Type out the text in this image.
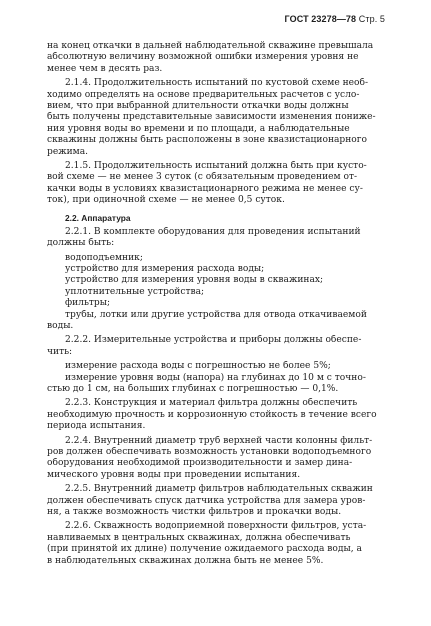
ГОСТ 23278—78 Стр. 5

на конец откачки в дальней наблюдательной скважине превышала
абсолютную величину возможной ошибки измерения уровня не
менее чем в десять раз.

2.1.4. Продолжительность испытаний по кустовой схеме необ-
ходимо определять на основе предварительных расчетов с усло-
вием, что при выбранной длительности откачки воды должны
быть получены представительные зависимости изменения пониже-
ния уровня воды во времени и по площади, а наблюдательные
скважины должны быть расположены в зоне квазистационарного
режима.

2.1.5. Продолжительность испытаний должна быть при кусто-
вой схеме — не менее 3 суток (с обязательным проведением от-
качки воды в условиях квазистационарного режима не менее су-
ток), при одиночной схеме — не менее 0,5 суток.

2.2. Аппаратура

2.2.1. В комплекте оборудования для проведения испытаний
должны быть:

водоподъемник;

устройство для измерения расхода воды;

устройство для измерения уровня воды в скважинах;

уплотнительные устройства;

фильтры;

трубы, лотки или другие устройства для отвода откачиваемой
воды.

2.2.2. Измерительные устройства и приборы должны обеспе-
чить:

измерение расхода воды с погрешностью не более 5%;

измерение уровня воды (напора) на глубинах до 10 м с точно-
стью до 1 см, на больших глубинах с погрешностью — 0,1%.

2.2.3. Конструкция и материал фильтра должны обеспечить
необходимую прочность и коррозионную стойкость в течение всего
периода испытания.

2.2.4. Внутренний диаметр труб верхней части колонны фильт-
ров должен обеспечивать возможность установки водоподъемного
оборудования необходимой производительности и замер дина-
мического уровня воды при проведении испытания.

2.2.5. Внутренний диаметр фильтров наблюдательных скважин
должен обеспечивать спуск датчика устройства для замера уров-
ня, а также возможность чистки фильтров и прокачки воды.

2.2.6. Скважность водоприемной поверхности фильтров, уста-
навливаемых в центральных скважинах, должна обеспечивать
(при принятой их длине) получение ожидаемого расхода воды, а
в наблюдательных скважинах должна быть не менее 5%.
